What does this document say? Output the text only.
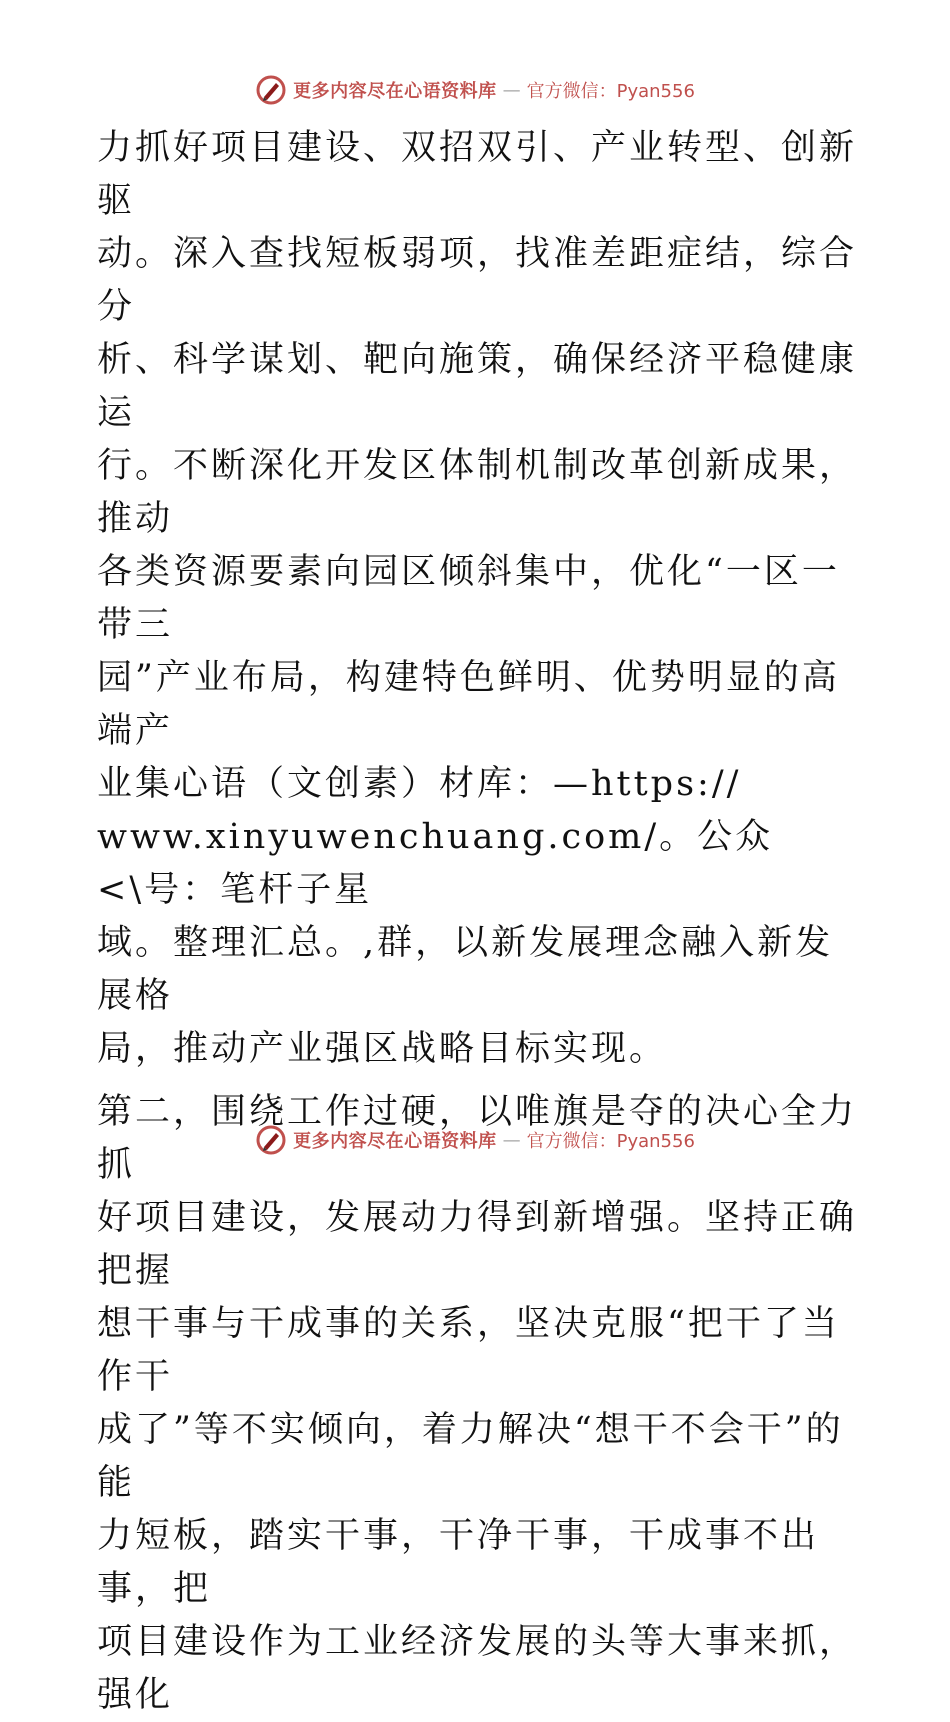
更多内容尽在心语资料库 — 官方微信：Pyan556

力抓好项目建设、双招双引、产业转型、创新驱
动。深入查找短板弱项，找准差距症结，综合分
析、科学谋划、靶向施策，确保经济平稳健康运
行。不断深化开发区体制机制改革创新成果，推动
各类资源要素向园区倾斜集中，优化“一区一带三
园”产业布局，构建特色鲜明、优势明显的高端产
业集心语（文创素）材库：—https://
www.xinyuwenchuang.com/。公众<\号：笔杆子星
域。整理汇总。,群，以新发展理念融入新发展格
局，推动产业强区战略目标实现。

第二，围绕工作过硬，以唯旗是夺的决心全力抓
好项目建设，发展动力得到新增强。坚持正确把握
想干事与干成事的关系，坚决克服“把干了当作干
成了”等不实倾向，着力解决“想干不会干”的能
力短板，踏实干事，干净干事，干成事不出事，把
项目建设作为工业经济发展的头等大事来抓，强化

更多内容尽在心语资料库 — 官方微信：Pyan556
